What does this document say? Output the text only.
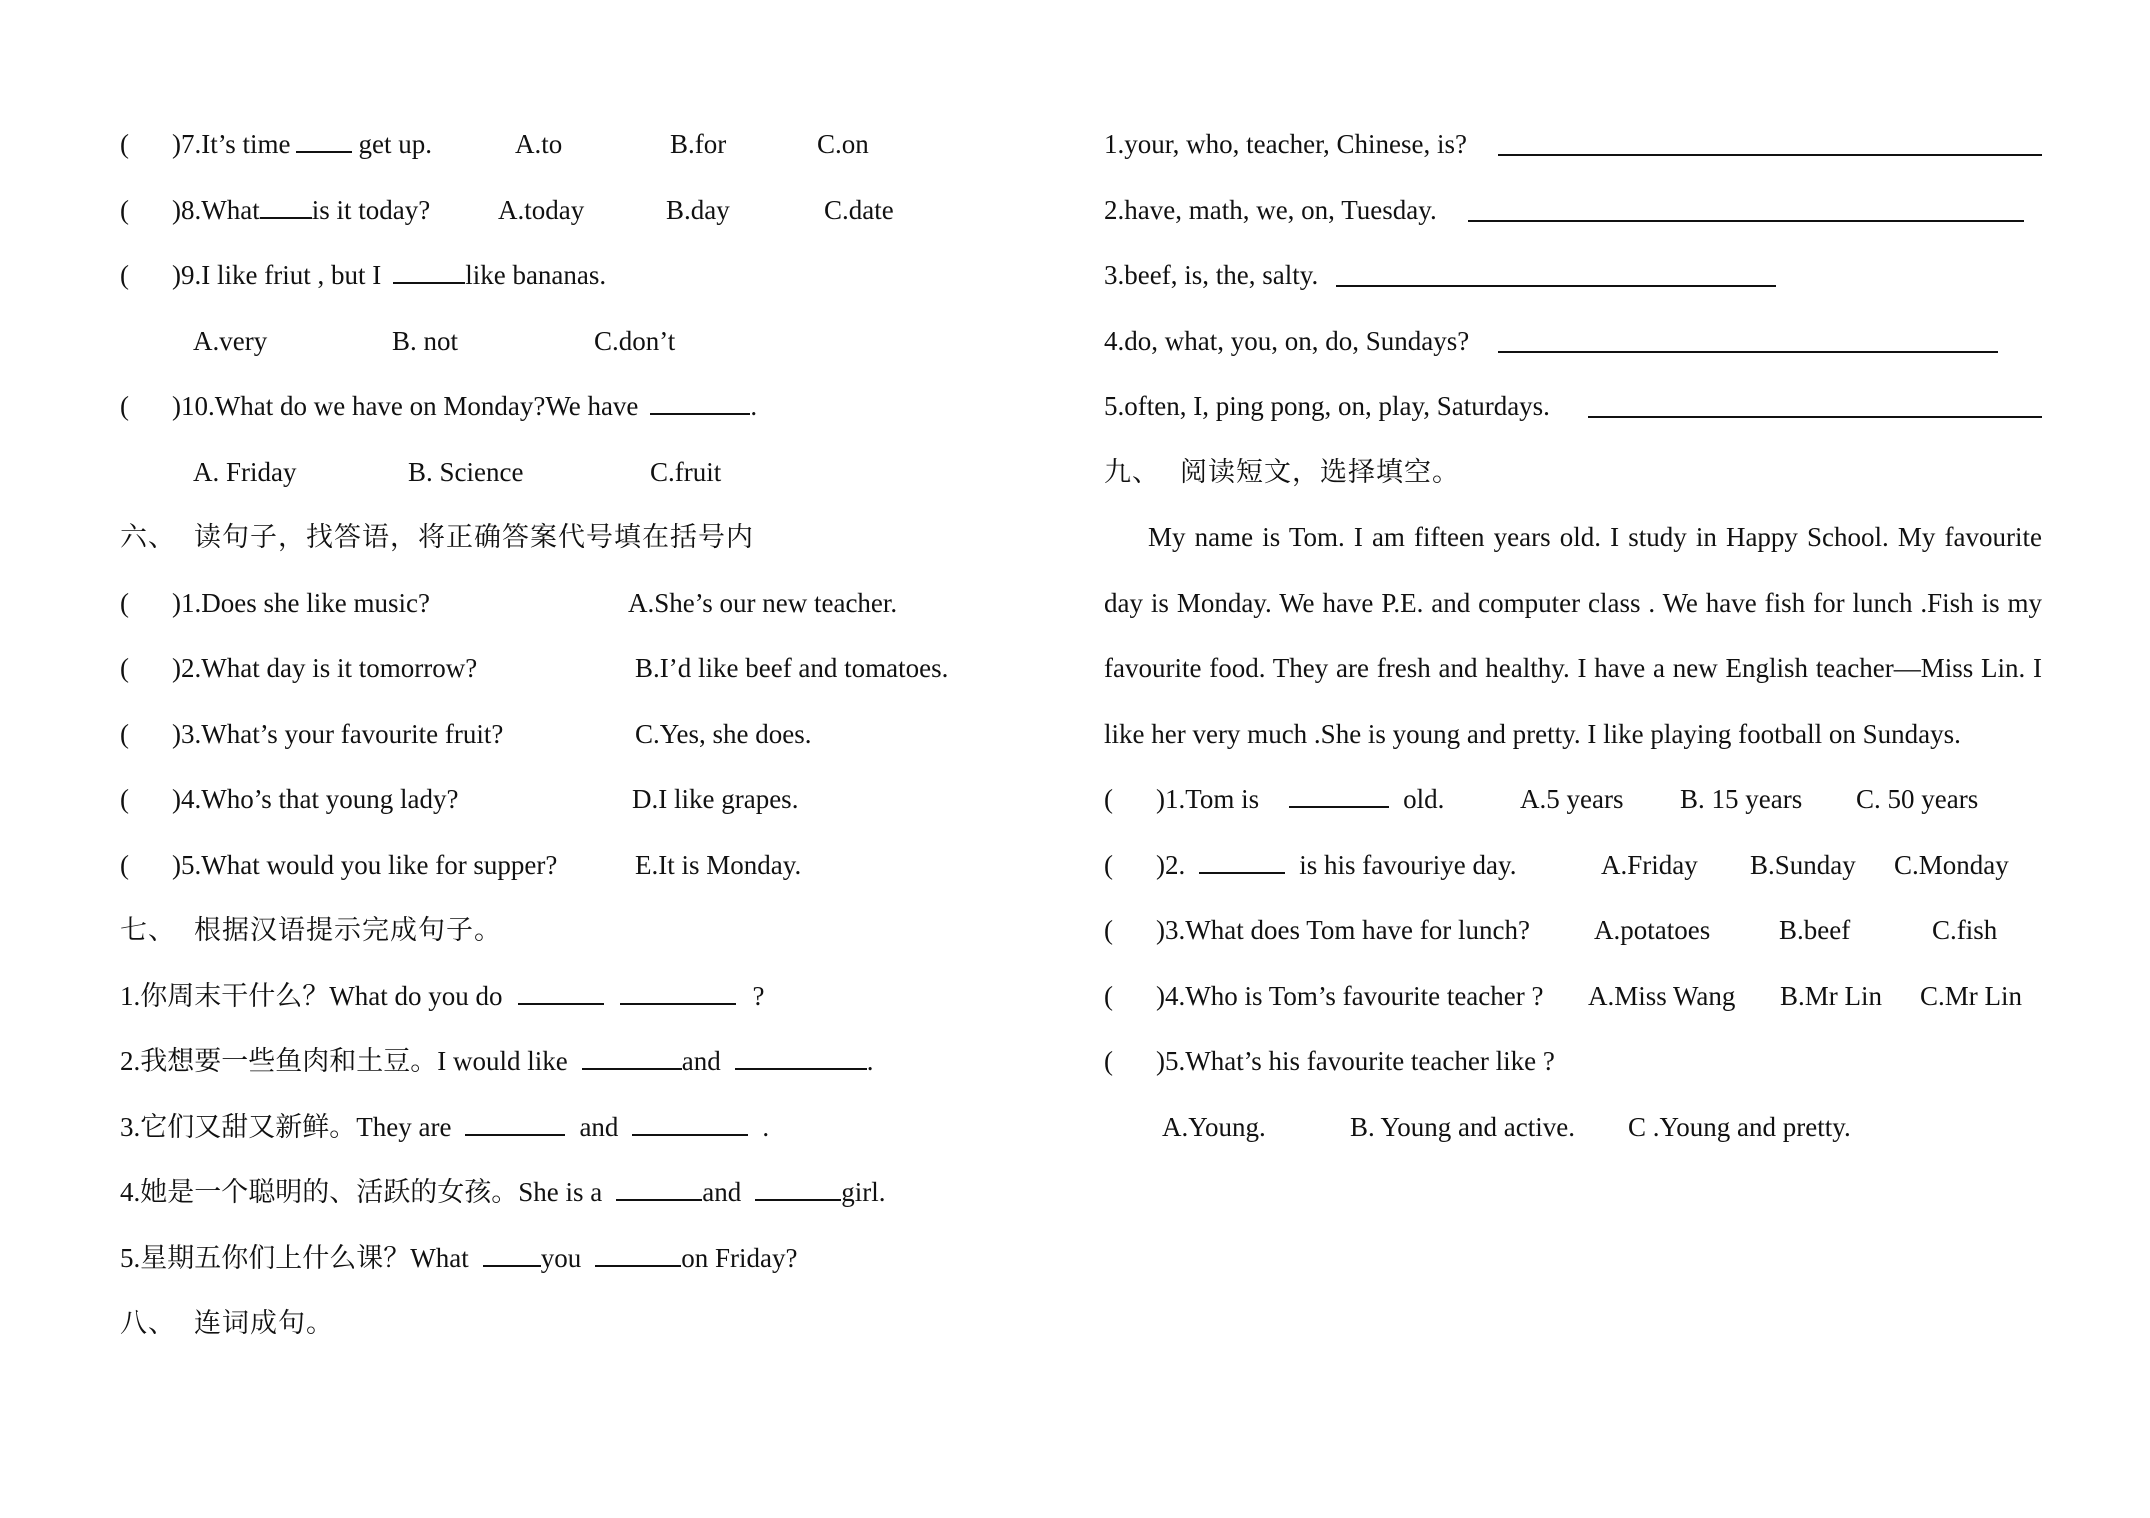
( )7.It’s time	get up.	A.to	B.for	C.on
( )8.What is it today?	A.today	B.day	C.date
( )9.I like friut , but I	like bananas.
A.very	B. not	C.don’t
( )10.What do we have on Monday?We have	.
A. Friday	B. Science	C.fruit
六、 读句子，找答语，将正确答案代号填在括号内
( )1.Does she like music?	A.She’s our new teacher.
( )2.What day is it tomorrow?	B.I’d like beef and tomatoes.
( )3.What’s your favourite fruit?	C.Yes, she does.
( )4.Who’s that young lady?	D.I like grapes.
( )5.What would you like for supper?	E.It is Monday.
七、 根据汉语提示完成句子。
1.你周末干什么？What do you do	?
2.我想要一些鱼肉和土豆。I would like	and	.
3.它们又甜又新鲜。They are	and	.
4.她是一个聪明的、活跃的女孩。She is a	and	girl.
5.星期五你们上什么课？What	you	on Friday?
八、 连词成句。
1.your, who, teacher, Chinese, is?
2.have, math, we, on, Tuesday.
3.beef, is, the, salty.
4.do, what, you, on, do, Sundays?
5.often, I, ping pong, on, play, Saturdays.
九、 阅读短文，选择填空。
My name is Tom. I am fifteen years old. I study in Happy School. My favourite day is Monday. We have P.E. and computer class . We have fish for lunch .Fish is my favourite food. They are fresh and healthy. I have a new English teacher—Miss Lin. I like her very much .She is young and pretty. I like playing football on Sundays.
( )1.Tom is	old.	A.5 years B. 15 years C. 50 years
( )2.	is his favouriye day.	A.Friday B.Sunday C.Monday
( )3.What does Tom have for lunch? A.potatoes	B.beef	C.fish
( )4.Who is Tom’s favourite teacher ? A.Miss Wang B.Mr Lin C.Mr Lin
( )5.What’s his favourite teacher like ?
A.Young.	B. Young and active. C .Young and pretty.
